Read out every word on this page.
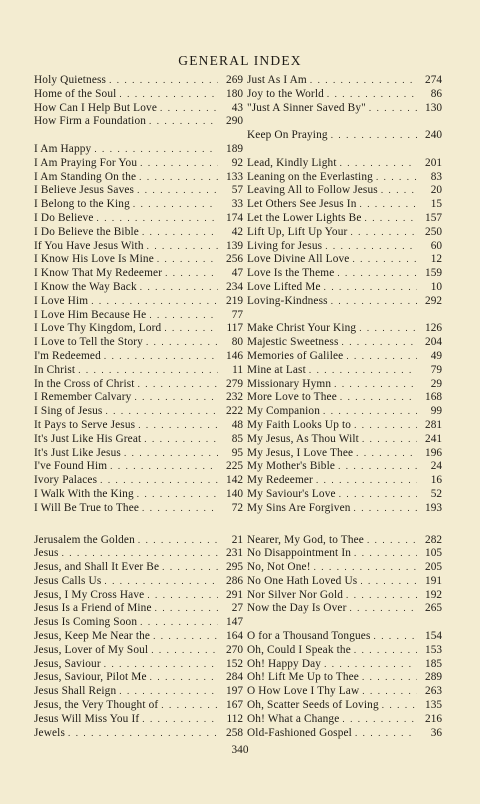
GENERAL INDEX
Holy Quietness . . .	269
Home of the Soul . . .	180
How Can I Help But Love . . .	43
How Firm a Foundation . . .	290
I Am Happy . . .	189
I Am Praying For You . . .	92
I Am Standing On the . . .	133
I Believe Jesus Saves . . .	57
I Belong to the King . . .	33
I Do Believe . . .	174
I Do Believe the Bible . . .	42
If You Have Jesus With . . .	139
I Know His Love Is Mine . . .	256
I Know That My Redeemer . . .	47
I Know the Way Back . . .	234
I Love Him . . .	219
I Love Him Because He . . .	77
I Love Thy Kingdom, Lord . . .	117
I Love to Tell the Story . . .	80
I'm Redeemed . . .	146
In Christ . . .	11
In the Cross of Christ . . .	279
I Remember Calvary . . .	232
I Sing of Jesus . . .	222
It Pays to Serve Jesus . . .	48
It's Just Like His Great . . .	85
It's Just Like Jesus . . .	95
I've Found Him . . .	225
Ivory Palaces . . .	142
I Walk With the King . . .	140
I Will Be True to Thee . . .	72
Jerusalem the Golden . . .	21
Jesus . . .	231
Jesus, and Shall It Ever Be . . .	295
Jesus Calls Us . . .	286
Jesus, I My Cross Have . . .	291
Jesus Is a Friend of Mine . . .	27
Jesus Is Coming Soon . . .	147
Jesus, Keep Me Near the . . .	164
Jesus, Lover of My Soul . . .	270
Jesus, Saviour . . .	152
Jesus, Saviour, Pilot Me . . .	284
Jesus Shall Reign . . .	197
Jesus, the Very Thought of . . .	167
Jesus Will Miss You If . . .	112
Jewels . . .	258
Just As I Am . . .	274
Joy to the World . . .	86
"Just A Sinner Saved By" . . .	130
Keep On Praying . . .	240
Lead, Kindly Light . . .	201
Leaning on the Everlasting . . .	83
Leaving All to Follow Jesus . . .	20
Let Others See Jesus In . . .	15
Let the Lower Lights Be . . .	157
Lift Up, Lift Up Your . . .	250
Living for Jesus . . .	60
Love Divine All Love . . .	12
Love Is the Theme . . .	159
Love Lifted Me . . .	10
Loving-Kindness . . .	292
Make Christ Your King . . .	126
Majestic Sweetness . . .	204
Memories of Galilee . . .	49
Mine at Last . . .	79
Missionary Hymn . . .	29
More Love to Thee . . .	168
My Companion . . .	99
My Faith Looks Up to . . .	281
My Jesus, As Thou Wilt . . .	241
My Jesus, I Love Thee . . .	196
My Mother's Bible . . .	24
My Redeemer . . .	16
My Saviour's Love . . .	52
My Sins Are Forgiven . . .	193
Nearer, My God, to Thee . . .	282
No Disappointment In . . .	105
No, Not One! . . .	205
No One Hath Loved Us . . .	191
Nor Silver Nor Gold . . .	192
Now the Day Is Over . . .	265
O for a Thousand Tongues . . .	154
Oh, Could I Speak the . . .	153
Oh! Happy Day . . .	185
Oh! Lift Me Up to Thee . . .	289
O How Love I Thy Law . . .	263
Oh, Scatter Seeds of Loving . . .	135
Oh! What a Change . . .	216
Old-Fashioned Gospel . . .	36
340
